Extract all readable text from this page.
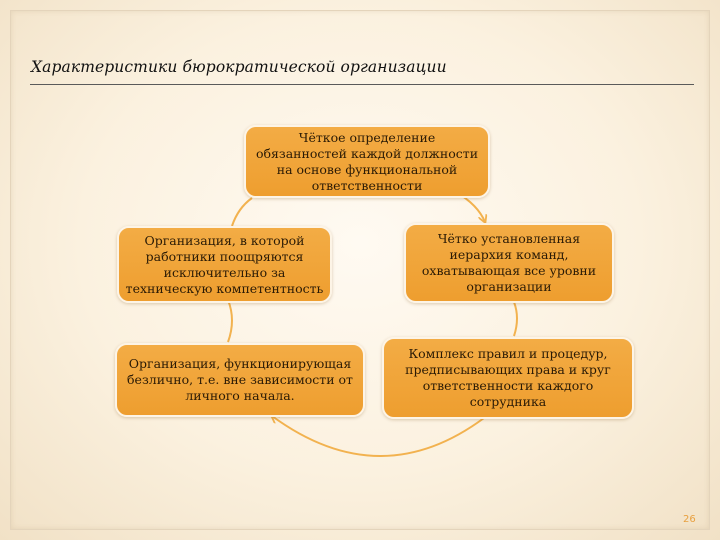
Характеристики бюрократической организации
Чёткое определение обязанностей каждой должности на основе функциональной ответственности
Чётко установленная иерархия команд, охватывающая все уровни организации
Комплекс правил и процедур, предписывающих права и круг ответственности каждого сотрудника
Организация, функционирующая безлично, т.е. вне зависимости от личного начала.
Организация, в которой работники поощряются исключительно за техническую компетентность
26
